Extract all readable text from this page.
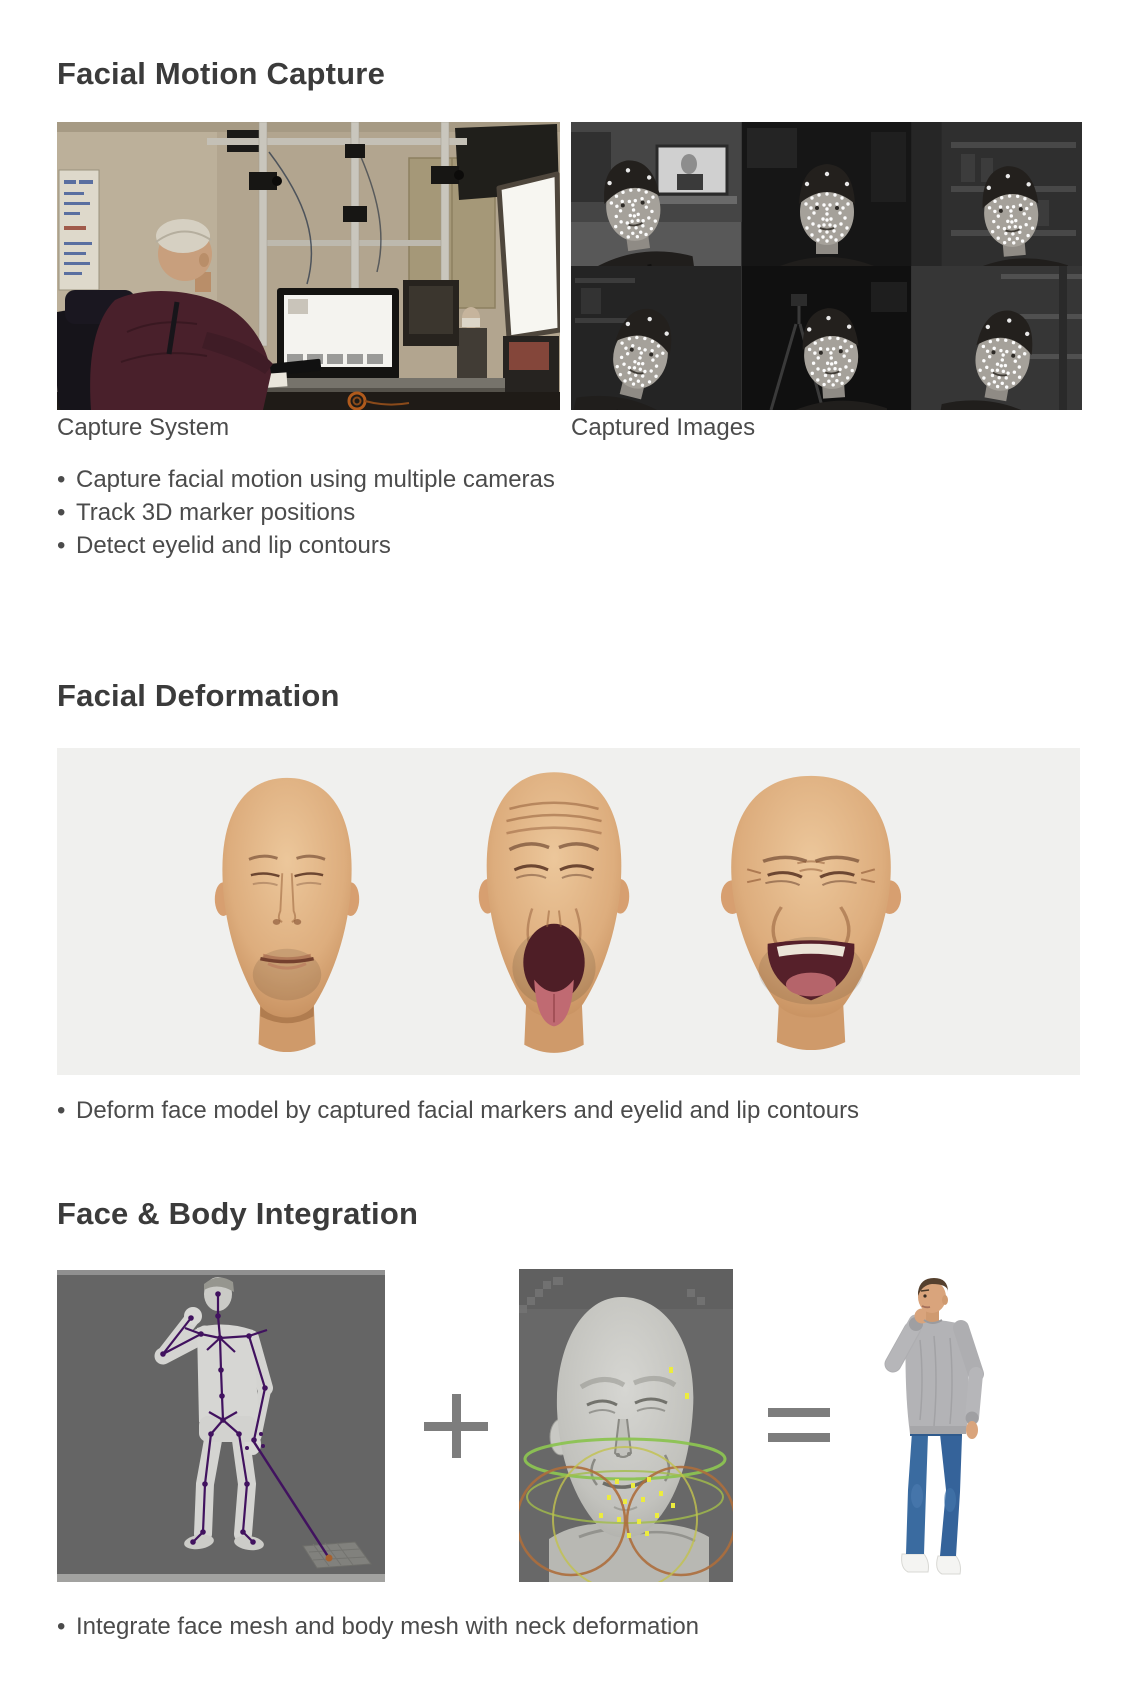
Facial Motion Capture
Capture System	Captured Images
• Capture facial motion using multiple cameras
• Track 3D marker positions
• Detect eyelid and lip contours
Facial Deformation
• Deform face model by captured facial markers and eyelid and lip contours
Face & Body Integration
• Integrate face mesh and body mesh with neck deformation
